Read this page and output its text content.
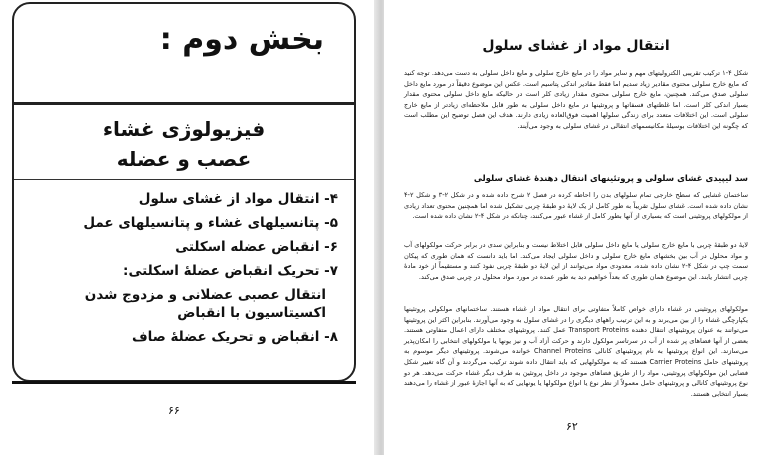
بخش دوم :
فیزیولوژی غشاء
عصب و عضله
۴- انتقال مواد از غشای سلول
۵- پتانسیلهای غشاء و پتانسیلهای عمل
۶- انقباض عضله اسکلتی
۷- تحریک انقباض عضلهٔ اسکلتی:
انتقال عصبی عضلانی و مزدوج شدن اکسیتاسیون با انقباض
۸- انقباض و تحریک عضلهٔ صاف
۶۶
انتقال مواد از غشای سلول

شکل ۴-۱ ترکیب تقریبی الکترولیتهای مهم و سایر مواد را در مایع خارج سلولی و مایع داخل سلولی به دست می‌دهد. توجه کنید که مایع خارج سلولی محتوی مقادیر زیاد سدیم اما فقط مقادیر اندکی پتاسیم است. عکس این موضوع دقیقاً در مورد مایع داخل سلولی صدق می‌کند. همچنین، مایع خارج سلولی محتوی مقدار زیادی کلر است در حالیکه مایع داخل سلولی محتوی مقدار بسیار اندکی کلر است. اما غلظتهای فسفاتها و پروتئینها در مایع داخل سلولی به طور قابل ملاحظه‌ای زیادتر از مایع خارج سلولی است. این اختلافات متعدد برای زندگی سلولها اهمیت فوق‌العاده زیادی دارند. هدف این فصل توضیح این مطلب است که چگونه این اختلافات بوسیلهٔ مکانیسمهای انتقالی در غشای سلولی به وجود می‌آیند.

سد لیپیدی غشای سلولی و پروتئینهای انتقال دهندهٔ غشای سلولی

ساختمان غشایی که سطح خارجی تمام سلولهای بدن را احاطه کرده در فصل ۲ شرح داده شده و در شکل ۲-۳ و شکل ۲-۴ نشان داده شده است. غشای سلول تقریباً به طور کامل از یک لایهٔ دو طبقهٔ چربی تشکیل شده اما همچنین محتوی تعداد زیادی از مولکولهای پروتئینی است که بسیاری از آنها بطور کامل از غشاء عبور می‌کنند، چنانکه در شکل ۴-۲ نشان داده شده است.

لایهٔ دو طبقهٔ چربی با مایع خارج سلولی یا مایع داخل سلولی قابل اختلاط نیست و بنابراین سدی در برابر حرکت مولکولهای آب و مواد محلول در آب بین بخشهای مایع خارج سلولی و داخل سلولی ایجاد می‌کند. اما باید دانست که همان طوری که پیکان سمت چپ در شکل ۴-۲ نشان داده شده، معدودی مواد می‌توانند از این لایهٔ دو طبقهٔ چربی نفوذ کنند و مستقیماً از خود مادهٔ چربی انتشار یابند. این موضوع همان طوری که بعداً خواهیم دید به طور عمده در مورد مواد محلول در چربی صدق می‌کند.

مولکولهای پروتئینی در غشاء دارای خواص کاملاً متفاوتی برای انتقال مواد از غشاء هستند. ساختمانهای مولکولی پروتئینها یکپارچگی غشاء را از بین می‌برند و به این ترتیب راههای دیگری را در غشای سلول به وجود می‌آورند. بنابراین اکثر این پروتئینها می‌توانند به عنوان پروتئینهای انتقال دهنده Transport Proteins عمل کنند. پروتئینهای مختلف دارای اعمال متفاوتی هستند. بعضی از آنها فضاهای پر شده از آب در سرتاسر مولکول دارند و حرکت آزاد آب و نیز یونها یا مولکولهای انتخابی را امکان‌پذیر می‌سازند. این انواع پروتئینها به نام پروتئینهای کانالی Channel Proteins خوانده می‌شوند. پروتئینهای دیگر موسوم به پروتئینهای حامل Carrier Proteins هستند که به مولکولهایی که باید انتقال داده شوند ترکیب می‌گردند و آن گاه تغییر شکل فضایی این مولکولهای پروتئینی، مواد را از طریق فضاهای موجود در داخل پروتئین به طرف دیگر غشاء حرکت می‌دهد. هر دو نوع پروتئینهای کانالی و پروتئینهای حامل معمولاً از نظر نوع یا انواع مولکولها یا یونهایی که به آنها اجازهٔ عبور از غشاء را می‌دهند بسیار انتخابی هستند.

۶۲
